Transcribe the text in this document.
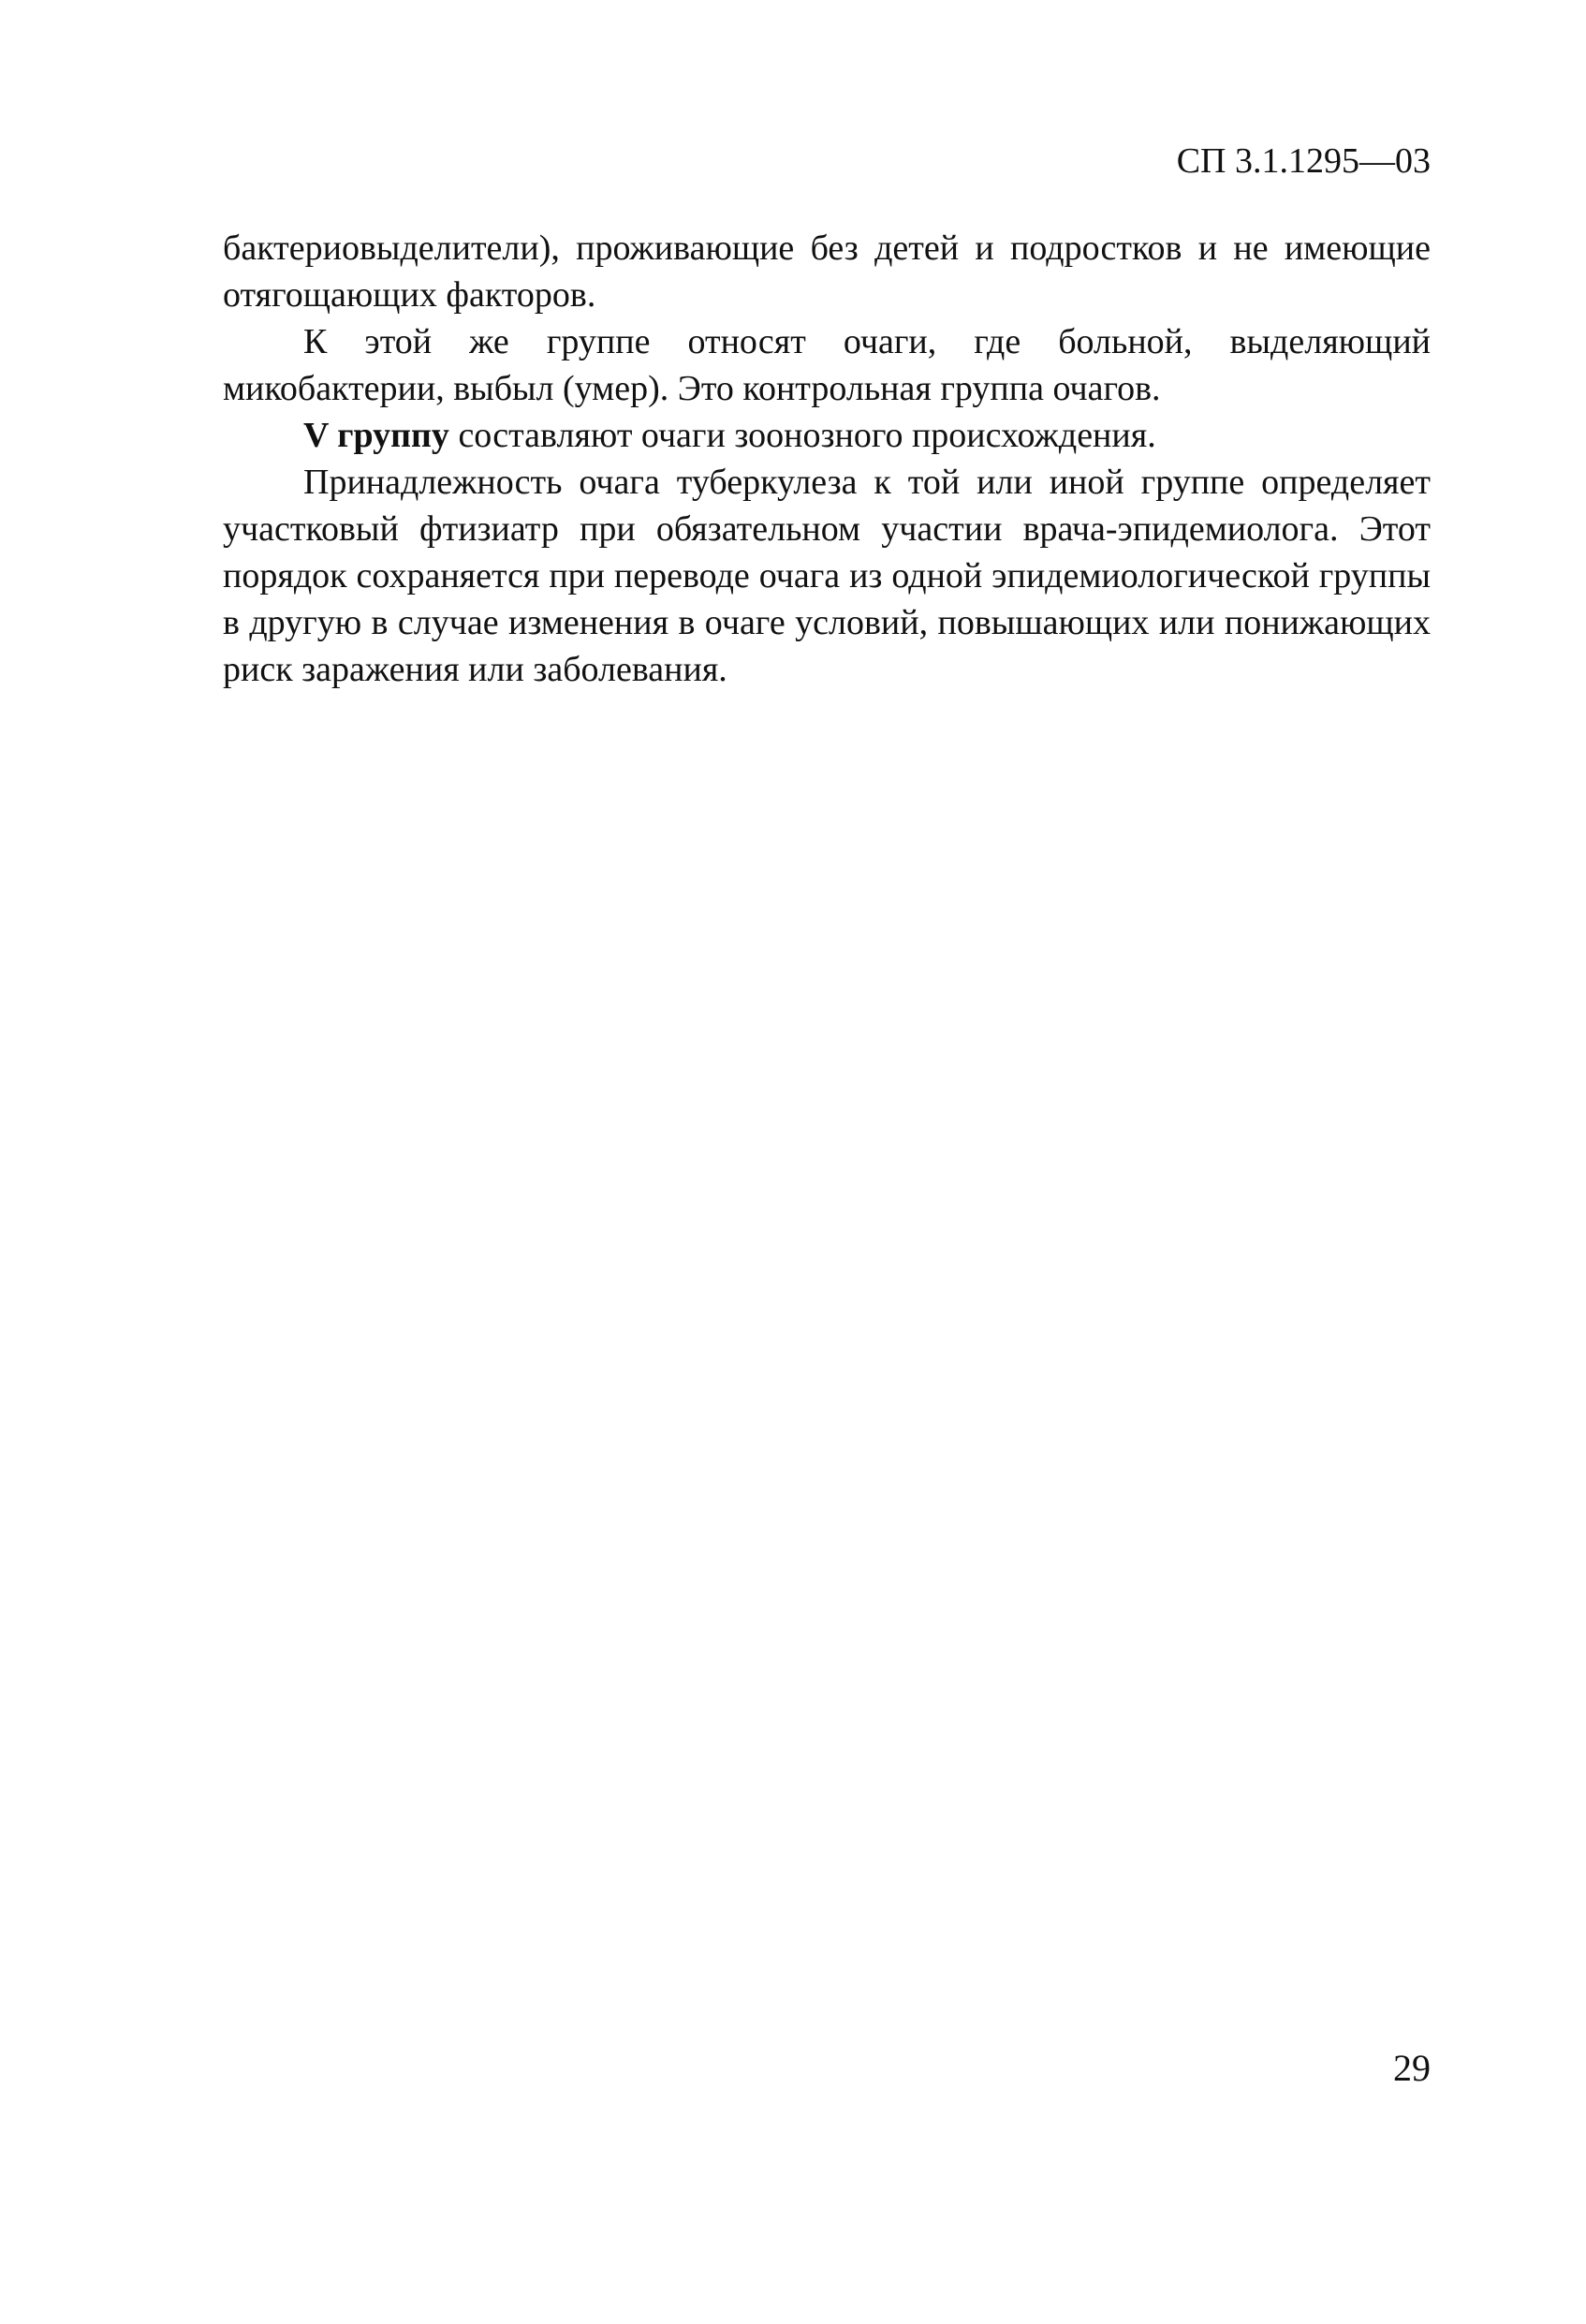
СП 3.1.1295—03

бактериовыделители), проживающие без детей и подростков и не имеющие отягощающих факторов.

К этой же группе относят очаги, где больной, выделяющий микобактерии, выбыл (умер). Это контрольная группа очагов.

V группу составляют очаги зоонозного происхождения.

Принадлежность очага туберкулеза к той или иной группе определяет участковый фтизиатр при обязательном участии врача-эпидемиолога. Этот порядок сохраняется при переводе очага из одной эпидемиологической группы в другую в случае изменения в очаге условий, повышающих или понижающих риск заражения или заболевания.

29
